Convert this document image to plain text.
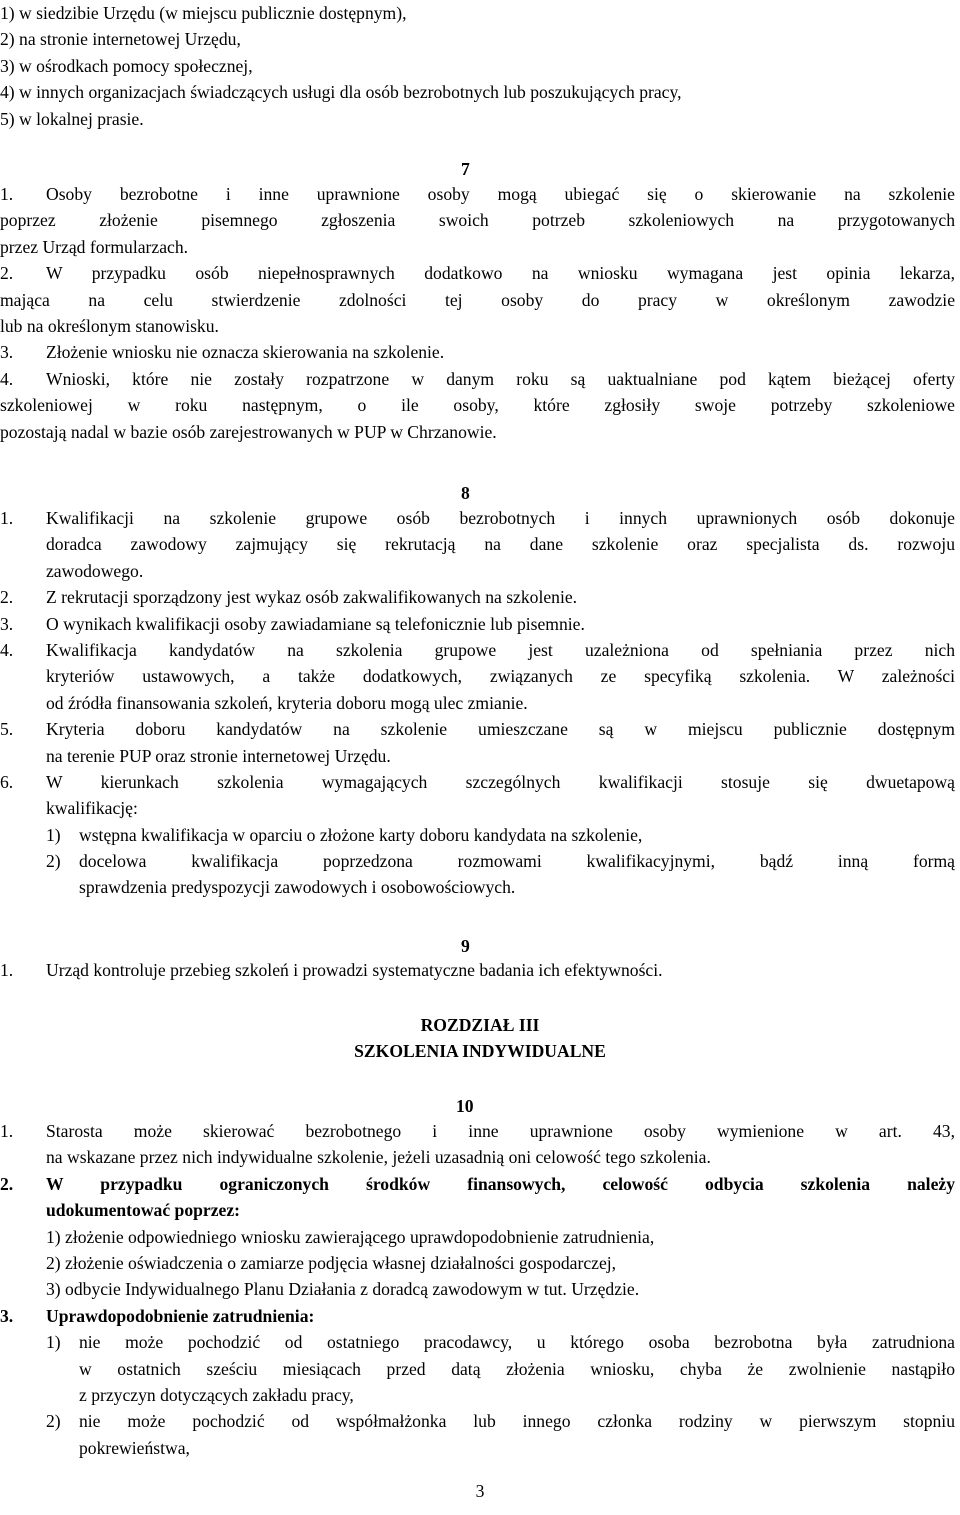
1) w siedzibie Urzędu (w miejscu publicznie dostępnym),
2) na stronie internetowej Urzędu,
3) w ośrodkach pomocy społecznej,
4) w innych organizacjach świadczących usługi dla osób bezrobotnych lub poszukujących pracy,
5) w lokalnej prasie.
7
1. Osoby bezrobotne i inne uprawnione osoby mogą ubiegać się o skierowanie na szkolenie
poprzez złożenie pisemnego zgłoszenia swoich potrzeb szkoleniowych na przygotowanych
przez Urząd formularzach.
2. W przypadku osób niepełnosprawnych dodatkowo na wniosku wymagana jest opinia lekarza,
mająca na celu stwierdzenie zdolności tej osoby do pracy w określonym zawodzie
lub na określonym stanowisku.
3. Złożenie wniosku nie oznacza skierowania na szkolenie.
4. Wnioski, które nie zostały rozpatrzone w danym roku są uaktualniane pod kątem bieżącej oferty
szkoleniowej w roku następnym, o ile osoby, które zgłosiły swoje potrzeby szkoleniowe
pozostają nadal w bazie osób zarejestrowanych w PUP w Chrzanowie.
8
1. Kwalifikacji na szkolenie grupowe osób bezrobotnych i innych uprawnionych osób dokonuje
doradca zawodowy zajmujący się rekrutacją na dane szkolenie oraz specjalista ds. rozwoju
zawodowego.
2. Z rekrutacji sporządzony jest wykaz osób zakwalifikowanych na szkolenie.
3. O wynikach kwalifikacji osoby zawiadamiane są telefonicznie lub pisemnie.
4. Kwalifikacja kandydatów na szkolenia grupowe jest uzależniona od spełniania przez nich
kryteriów ustawowych, a także dodatkowych, związanych ze specyfiką szkolenia. W zależności
od źródła finansowania szkoleń, kryteria doboru mogą ulec zmianie.
5. Kryteria doboru kandydatów na szkolenie umieszczane są w miejscu publicznie dostępnym
na terenie PUP oraz stronie internetowej Urzędu.
6. W kierunkach szkolenia wymagających szczególnych kwalifikacji stosuje się dwuetapową
kwalifikację:
1) wstępna kwalifikacja w oparciu o złożone karty doboru kandydata na szkolenie,
2) docelowa kwalifikacja poprzedzona rozmowami kwalifikacyjnymi, bądź inną formą
sprawdzenia predyspozycji zawodowych i osobowościowych.
9
1. Urząd kontroluje przebieg szkoleń i prowadzi systematyczne badania ich efektywności.
ROZDZIAŁ III
SZKOLENIA INDYWIDUALNE
10
1. Starosta może skierować bezrobotnego i inne uprawnione osoby wymienione w art. 43,
na wskazane przez nich indywidualne szkolenie, jeżeli uzasadnią oni celowość tego szkolenia.
2. W przypadku ograniczonych środków finansowych, celowość odbycia szkolenia należy
udokumentować poprzez:
1) złożenie odpowiedniego wniosku zawierającego uprawdopodobnienie zatrudnienia,
2) złożenie oświadczenia o zamiarze podjęcia własnej działalności gospodarczej,
3) odbycie Indywidualnego Planu Działania z doradcą zawodowym w tut. Urzędzie.
3. Uprawdopodobnienie zatrudnienia:
1) nie może pochodzić od ostatniego pracodawcy, u którego osoba bezrobotna była zatrudniona
w ostatnich sześciu miesiącach przed datą złożenia wniosku, chyba że zwolnienie nastąpiło
z przyczyn dotyczących zakładu pracy,
2) nie może pochodzić od współmałżonka lub innego członka rodziny w pierwszym stopniu
pokrewieństwa,
3
